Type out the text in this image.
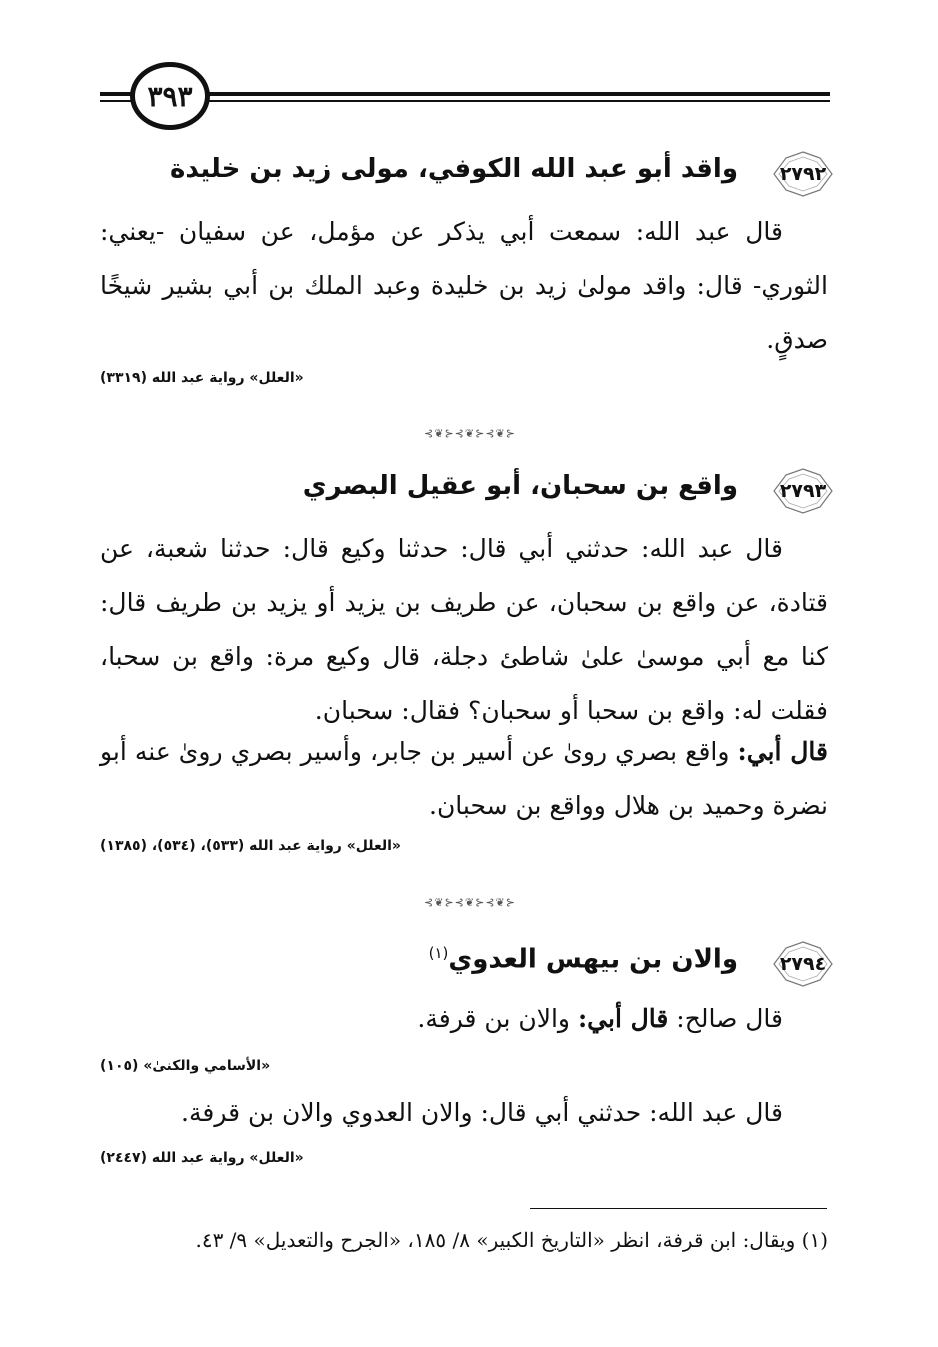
٣٩٣
٢٧٩٢
واقد أبو عبد الله الكوفي، مولى زيد بن خليدة
قال عبد الله: سمعت أبي يذكر عن مؤمل، عن سفيان -يعني: الثوري- قال: واقد مولىٰ زيد بن خليدة وعبد الملك بن أبي بشير شيخًا صدقٍ.
«العلل» رواية عبد الله (٣٣١٩)
⊰❦⊱⊰❦⊱⊰❦⊱
٢٧٩٣
واقع بن سحبان، أبو عقيل البصري
قال عبد الله: حدثني أبي قال: حدثنا وكيع قال: حدثنا شعبة، عن قتادة، عن واقع بن سحبان، عن طريف بن يزيد أو يزيد بن طريف قال: كنا مع أبي موسىٰ علىٰ شاطئ دجلة، قال وكيع مرة: واقع بن سحبا، فقلت له: واقع بن سحبا أو سحبان؟ فقال: سحبان.
قال أبي: واقع بصري روىٰ عن أسير بن جابر، وأسير بصري روىٰ عنه أبو نضرة وحميد بن هلال وواقع بن سحبان.
«العلل» رواية عبد الله (٥٣٣)، (٥٣٤)، (١٣٨٥)
⊰❦⊱⊰❦⊱⊰❦⊱
٢٧٩٤
والان بن بيهس العدوي$^{(١)}$
قال صالح: قال أبي: والان بن قرفة.
«الأسامي والكنىٰ» (١٠٥)
قال عبد الله: حدثني أبي قال: والان العدوي والان بن قرفة.
«العلل» رواية عبد الله (٢٤٤٧)
(١) ويقال: ابن قرفة، انظر «التاريخ الكبير» ٨/ ١٨٥، «الجرح والتعديل» ٩/ ٤٣.
